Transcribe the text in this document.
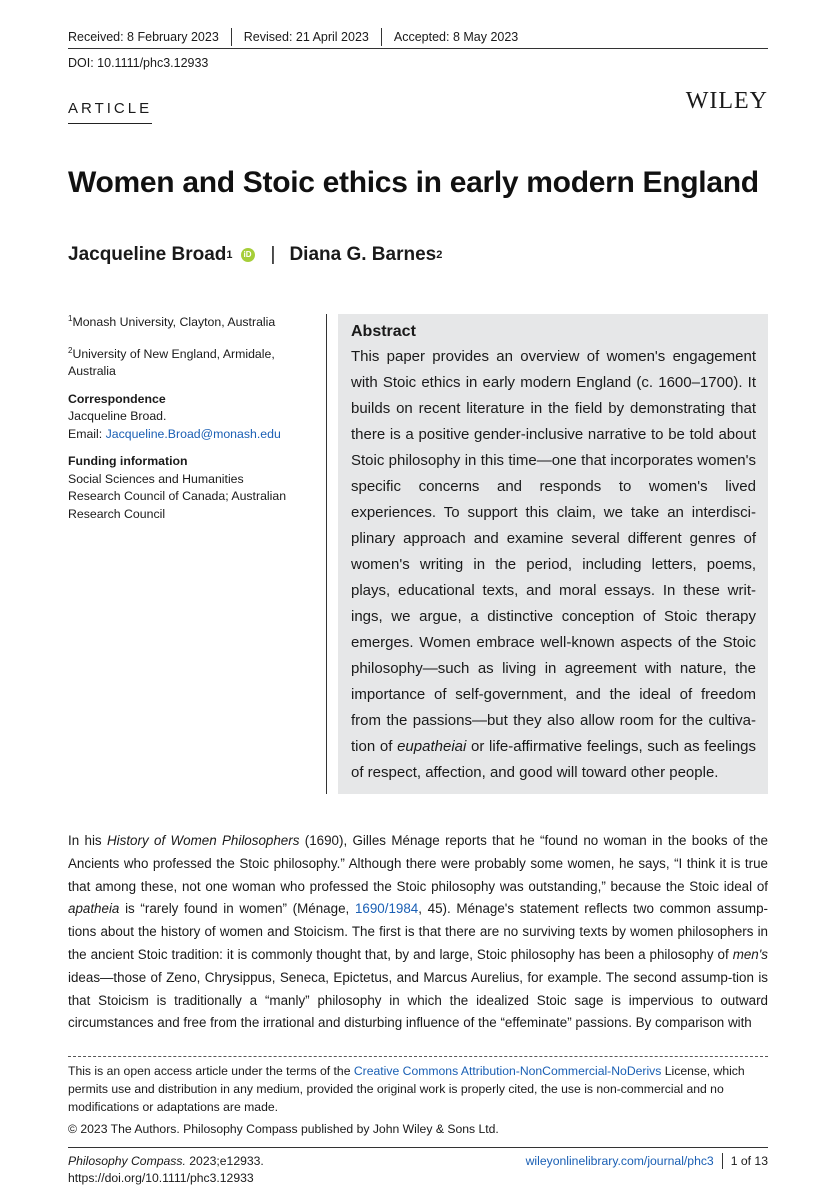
Received: 8 February 2023 Revised: 21 April 2023 Accepted: 8 May 2023
DOI: 10.1111/phc3.12933
ARTICLE	WILEY
Women and Stoic ethics in early modern England
Jacqueline Broad 1	iD | Diana G. Barnes 2
$^1$Monash University, Clayton, Australia
$^2$University of New England, Armidale,
Australia
Correspondence
Jacqueline Broad.
Email: Jacqueline.Broad@monash.edu
Funding information
Social Sciences and Humanities Research Council of Canada; Australian Research Council
Abstract

This paper provides an overview of women's engagement with Stoic ethics in early modern England (c. 1600–1700). It builds on recent literature in the field by demonstrating that there is a positive gender-inclusive narrative to be told about Stoic philosophy in this time—one that incorporates women's specific concerns and responds to women's lived experiences. To support this claim, we take an interdisci-plinary approach and examine several different genres of women's writing in the period, including letters, poems, plays, educational texts, and moral essays. In these writ-ings, we argue, a distinctive conception of Stoic therapy emerges. Women embrace well-known aspects of the Stoic philosophy—such as living in agreement with nature, the importance of self-government, and the ideal of freedom from the passions—but they also allow room for the cultiva-tion of eupatheiai or life-affirmative feelings, such as feelings of respect, affection, and good will toward other people.

In his History of Women Philosophers (1690), Gilles Ménage reports that he “found no woman in the books of the Ancients who professed the Stoic philosophy.” Although there were probably some women, he says, “I think it is true that among these, not one woman who professed the Stoic philosophy was outstanding,” because the Stoic ideal of apatheia is “rarely found in women” (Ménage, 1690/1984, 45). Ménage's statement reflects two common assump-tions about the history of women and Stoicism. The first is that there are no surviving texts by women philosophers in the ancient Stoic tradition: it is commonly thought that, by and large, Stoic philosophy has been a philosophy of men's ideas—those of Zeno, Chrysippus, Seneca, Epictetus, and Marcus Aurelius, for example. The second assump-tion is that Stoicism is traditionally a “manly” philosophy in which the idealized Stoic sage is impervious to outward circumstances and free from the irrational and disturbing influence of the “effeminate” passions. By comparison with
This is an open access article under the terms of the Creative Commons Attribution-NonCommercial-NoDerivs License, which permits use and distribution in any medium, provided the original work is properly cited, the use is non-commercial and no modifications or adaptations are made.
© 2023 The Authors. Philosophy Compass published by John Wiley & Sons Ltd.
Philosophy Compass. 2023;e12933.
https://doi.org/10.1111/phc3.12933
wileyonlinelibrary.com/journal/phc3 1 of 13
